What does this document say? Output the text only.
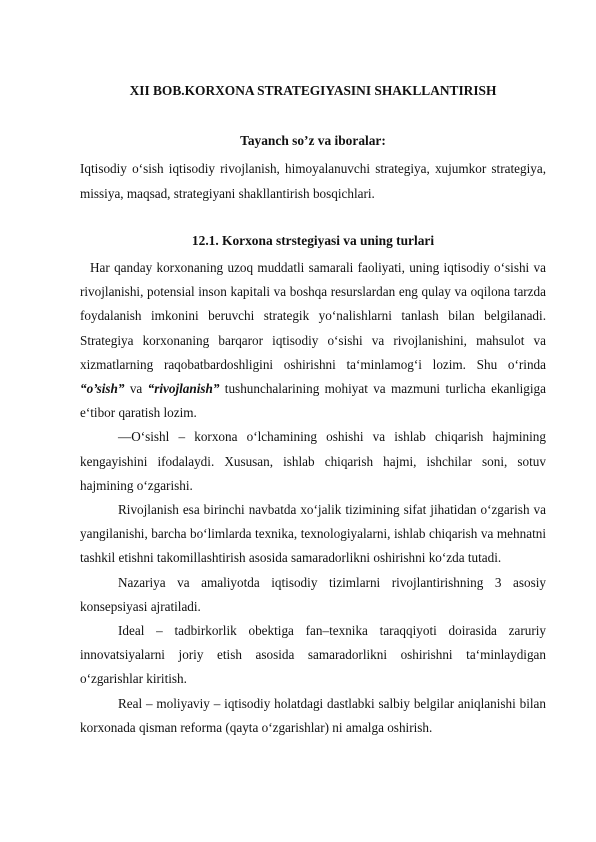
XII BOB.KORXONA STRATEGIYASINI SHAKLLANTIRISH
Tayanch so’z va iboralar:
Iqtisodiy o‘sish iqtisodiy rivojlanish, himoyalanuvchi strategiya, xujumkor strategiya, missiya, maqsad, strategiyani shakllantirish bosqichlari.
12.1. Korxona strstegiyasi va uning turlari

Har qanday korxonaning uzoq muddatli samarali faoliyati, uning iqtisodiy o‘sishi va rivojlanishi, potensial inson kapitali va boshqa resurslardan eng qulay va oqilona tarzda foydalanish imkonini beruvchi strategik yo‘nalishlarni tanlash bilan belgilanadi. Strategiya korxonaning barqaror iqtisodiy o‘sishi va rivojlanishini, mahsulot va xizmatlarning raqobatbardoshligini oshirishni ta‘minlamog‘i lozim. Shu o‘rinda “o’sish” va “rivojlanish” tushunchalarining mohiyat va mazmuni turlicha ekanligiga e‘tibor qaratish lozim.

―O‘sishl – korxona o‘lchamining oshishi va ishlab chiqarish hajmining kengayishini ifodalaydi. Xususan, ishlab chiqarish hajmi, ishchilar soni, sotuv hajmining o‘zgarishi.

Rivojlanish esa birinchi navbatda xo‘jalik tizimining sifat jihatidan o‘zgarish va yangilanishi, barcha bo‘limlarda texnika, texnologiyalarni, ishlab chiqarish va mehnatni tashkil etishni takomillashtirish asosida samaradorlikni oshirishni ko‘zda tutadi.

Nazariya va amaliyotda iqtisodiy tizimlarni rivojlantirishning 3 asosiy konsepsiyasi ajratiladi.

Ideal – tadbirkorlik obektiga fan–texnika taraqqiyoti doirasida zaruriy innovatsiyalarni joriy etish asosida samaradorlikni oshirishni ta‘minlaydigan o‘zgarishlar kiritish.

Real – moliyaviy – iqtisodiy holatdagi dastlabki salbiy belgilar aniqlanishi bilan korxonada qisman reforma (qayta o‘zgarishlar) ni amalga oshirish.
